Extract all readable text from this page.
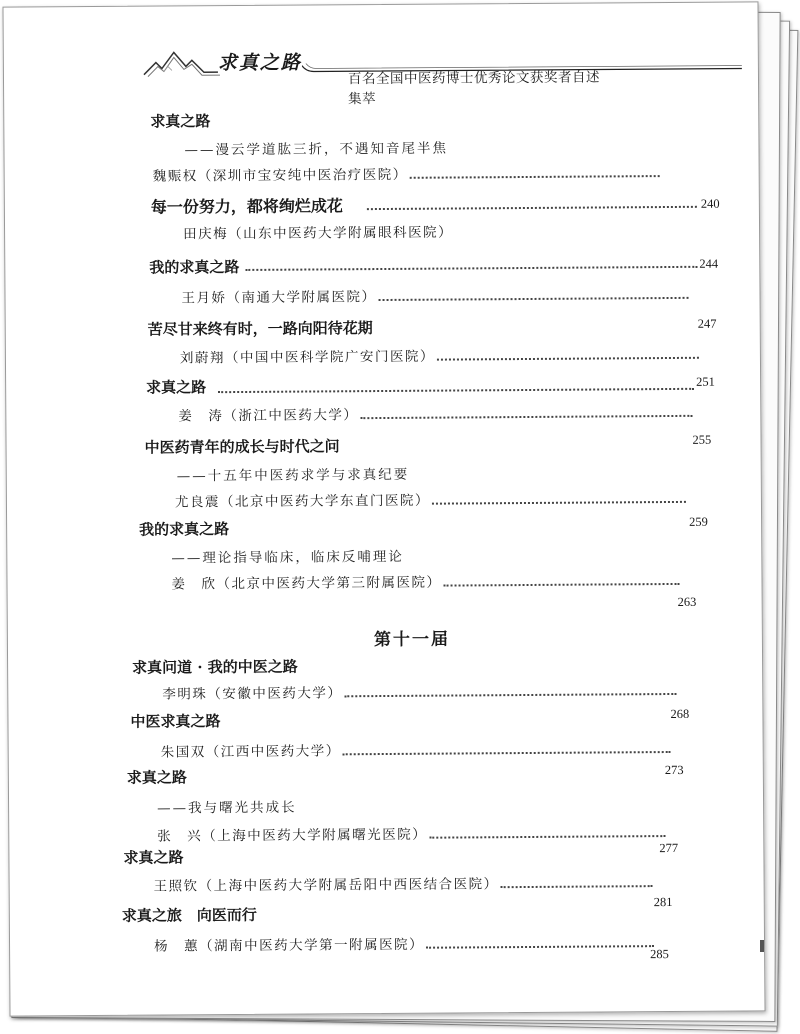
求真之路
百名全国中医药博士优秀论文获奖者自述集萃
求真之路
——漫云学道肱三折，不遇知音尾半焦
魏赈权（深圳市宝安纯中医治疗医院）
240
每一份努力，都将绚烂成花
田庆梅（山东中医药大学附属眼科医院）
244
我的求真之路
王月娇（南通大学附属医院）
247
苦尽甘来终有时，一路向阳待花期
刘蔚翔（中国中医科学院广安门医院）
251
求真之路
姜　涛（浙江中医药大学）
255
中医药青年的成长与时代之问
——十五年中医药求学与求真纪要
尤良震（北京中医药大学东直门医院）
259
我的求真之路
——理论指导临床，临床反哺理论
姜　欣（北京中医药大学第三附属医院）
263
第十一届
求真问道 · 我的中医之路
李明珠（安徽中医药大学）
268
中医求真之路
朱国双（江西中医药大学）
273
求真之路
——我与曙光共成长
张　兴（上海中医药大学附属曙光医院）
277
求真之路
王照钦（上海中医药大学附属岳阳中西医结合医院）
281
求真之旅　向医而行
杨　蕙（湖南中医药大学第一附属医院）	285
